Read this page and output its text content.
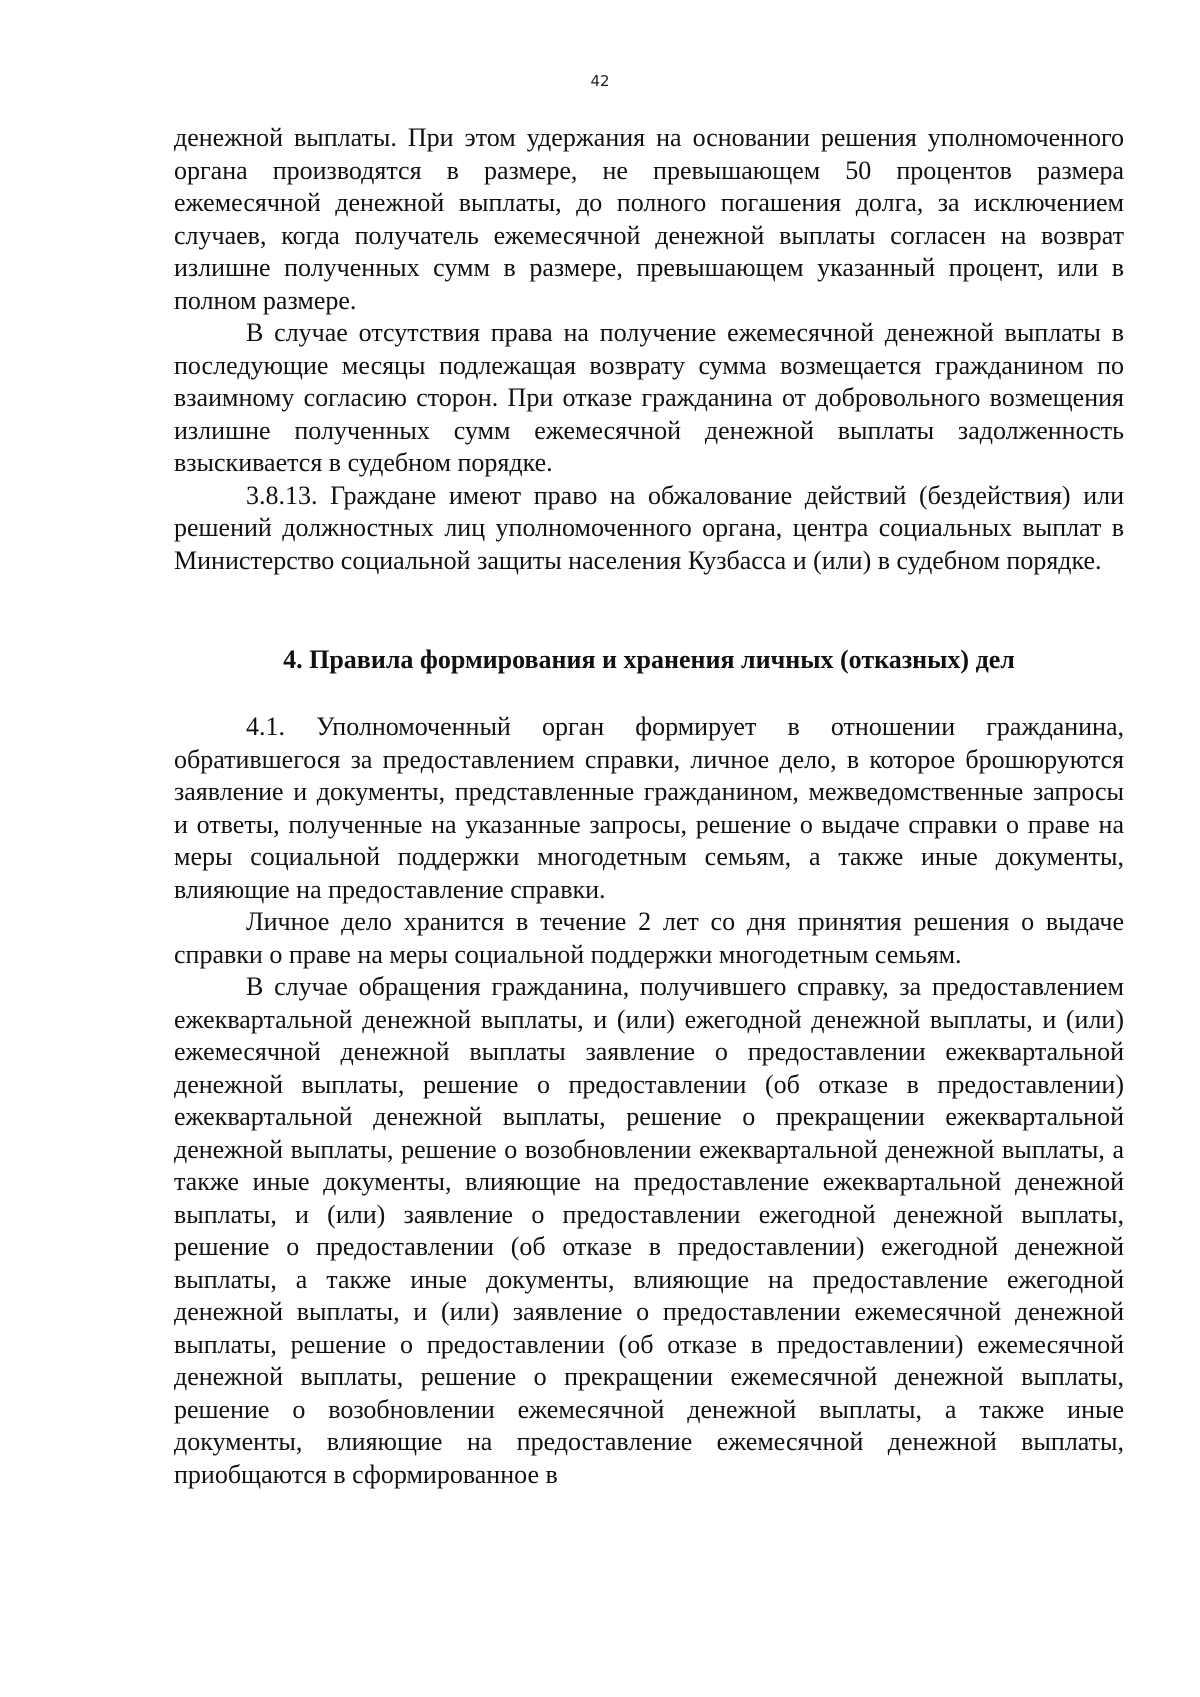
42

денежной выплаты. При этом удержания на основании решения уполномоченного органа производятся в размере, не превышающем 50 процентов размера ежемесячной денежной выплаты, до полного погашения долга, за исключением случаев, когда получатель ежемесячной денежной выплаты согласен на возврат излишне полученных сумм в размере, превышающем указанный процент, или в полном размере.

В случае отсутствия права на получение ежемесячной денежной выплаты в последующие месяцы подлежащая возврату сумма возмещается гражданином по взаимному согласию сторон. При отказе гражданина от добровольного возмещения излишне полученных сумм ежемесячной денежной выплаты задолженность взыскивается в судебном порядке.

3.8.13. Граждане имеют право на обжалование действий (бездействия) или решений должностных лиц уполномоченного органа, центра социальных выплат в Министерство социальной защиты населения Кузбасса и (или) в судебном порядке.

4. Правила формирования и хранения личных (отказных) дел

4.1. Уполномоченный орган формирует в отношении гражданина, обратившегося за предоставлением справки, личное дело, в которое брошюруются заявление и документы, представленные гражданином, межведомственные запросы и ответы, полученные на указанные запросы, решение о выдаче справки о праве на меры социальной поддержки многодетным семьям, а также иные документы, влияющие на предоставление справки.

Личное дело хранится в течение 2 лет со дня принятия решения о выдаче справки о праве на меры социальной поддержки многодетным семьям.

В случае обращения гражданина, получившего справку, за предоставлением ежеквартальной денежной выплаты, и (или) ежегодной денежной выплаты, и (или) ежемесячной денежной выплаты заявление о предоставлении ежеквартальной денежной выплаты, решение о предоставлении (об отказе в предоставлении) ежеквартальной денежной выплаты, решение о прекращении ежеквартальной денежной выплаты, решение о возобновлении ежеквартальной денежной выплаты, а также иные документы, влияющие на предоставление ежеквартальной денежной выплаты, и (или) заявление о предоставлении ежегодной денежной выплаты, решение о предоставлении (об отказе в предоставлении) ежегодной денежной выплаты, а также иные документы, влияющие на предоставление ежегодной денежной выплаты, и (или) заявление о предоставлении ежемесячной денежной выплаты, решение о предоставлении (об отказе в предоставлении) ежемесячной денежной выплаты, решение о прекращении ежемесячной денежной выплаты, решение о возобновлении ежемесячной денежной выплаты, а также иные документы, влияющие на предоставление ежемесячной денежной выплаты, приобщаются в сформированное в
